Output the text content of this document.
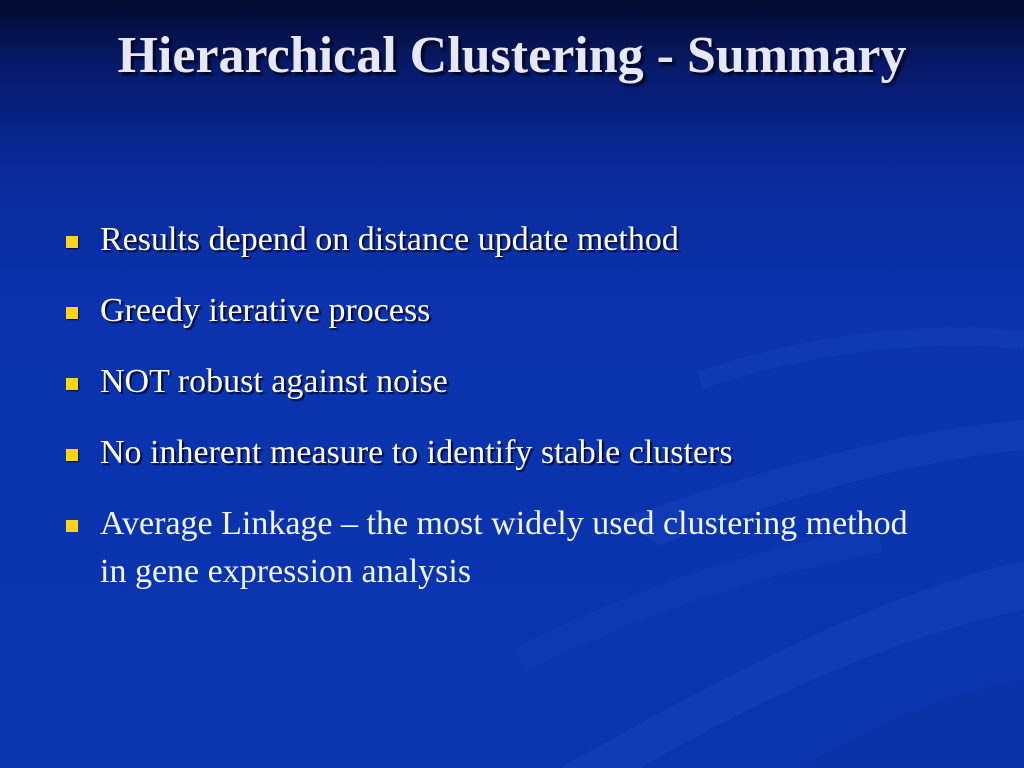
Hierarchical Clustering - Summary
Results depend on distance update method
Greedy iterative process
NOT robust against noise
No inherent measure to identify stable clusters
Average Linkage – the most widely used clustering method in gene expression analysis
